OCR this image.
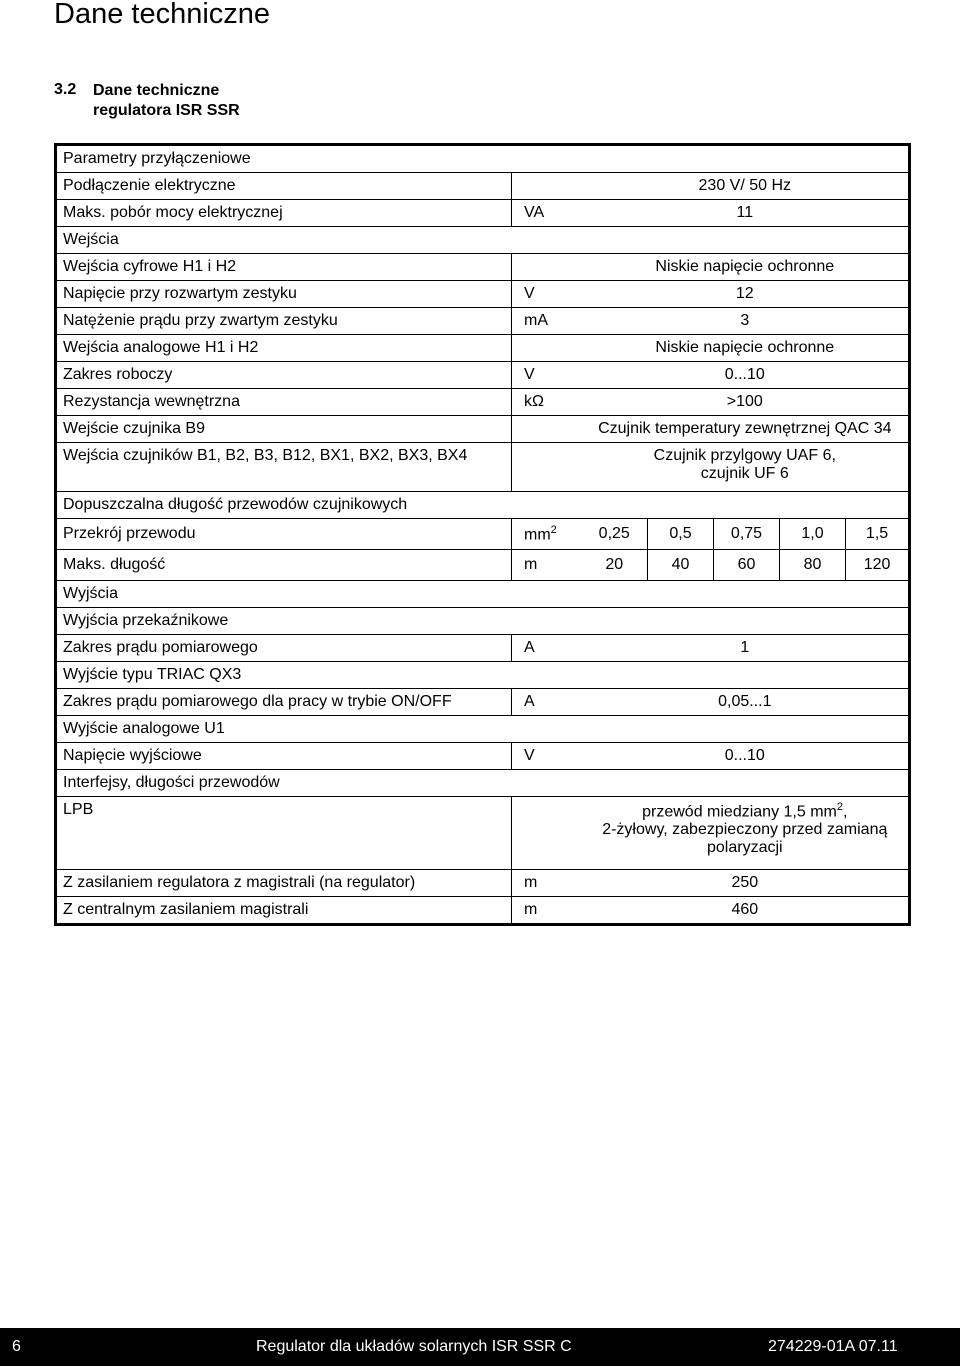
Dane techniczne
3.2 Dane techniczne
regulatora ISR SSR
Parametry przyłączeniowe						
Podłączenie elektryczne		230 V/ 50 Hz				
Maks. pobór mocy elektrycznej	VA	11				
Wejścia						
Wejścia cyfrowe H1 i H2		Niskie napięcie ochronne				
Napięcie przy rozwartym zestyku	V	12				
Natężenie prądu przy zwartym zestyku	mA	3				
Wejścia analogowe H1 i H2		Niskie napięcie ochronne				
Zakres roboczy	V	0...10				
Rezystancja wewnętrzna	kΩ	>100				
Wejście czujnika B9		Czujnik temperatury zewnętrznej QAC 34				
Wejścia czujników B1, B2, B3, B12, BX1, BX2, BX3, BX4		Czujnik przylgowy UAF 6,
czujnik UF 6				

Dopuszczalna długość przewodów czujnikowych						
Przekrój przewodu	$mm^2$	0,25	0,5	0,75	1,0	1,5
Maks. długość	m	20	40	60	80	120
Wyjścia						
Wyjścia przekaźnikowe						
Zakres prądu pomiarowego	A	1				
Wyjście typu TRIAC QX3						
Zakres prądu pomiarowego dla pracy w trybie ON/OFF	A	0,05...1				
Wyjście analogowe U1						
Napięcie wyjściowe	V	0...10				
Interfejsy, długości przewodów						
LPB		przewód miedziany 1,5 $mm^2$,
2-żyłowy, zabezpieczony przed zamianą
polaryzacji				

Z zasilaniem regulatora z magistrali (na regulator)	m	250				
Z centralnym zasilaniem magistrali	m	460				
6	Regulator dla układów solarnych ISR SSR C	274229-01A 07.11
